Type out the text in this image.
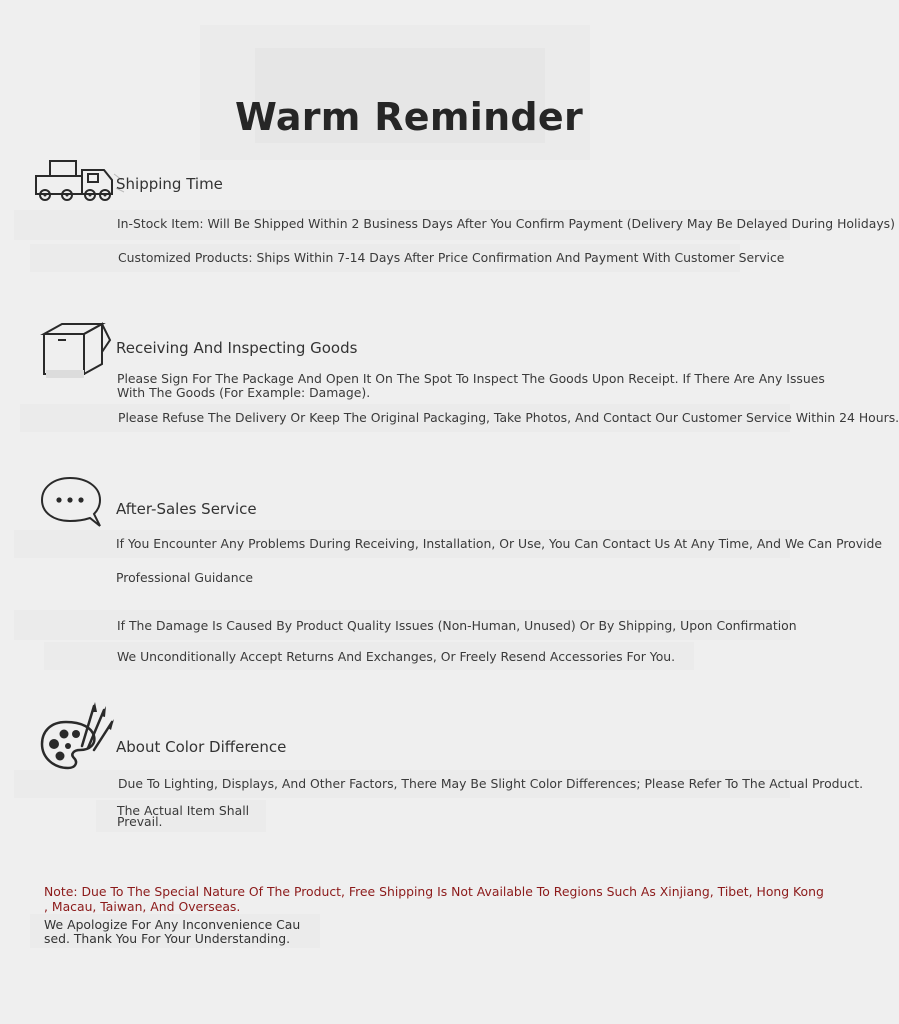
Warm Reminder
Shipping Time
In-Stock Item: Will Be Shipped Within 2 Business Days After You Confirm Payment (Delivery May Be Delayed During Holidays)
Customized Products: Ships Within 7-14 Days After Price Confirmation And Payment With Customer Service
Receiving And Inspecting Goods
Please Sign For The Package And Open It On The Spot To Inspect The Goods Upon Receipt. If There Are Any Issues
With The Goods (For Example: Damage).
Please Refuse The Delivery Or Keep The Original Packaging, Take Photos, And Contact Our Customer Service Within 24 Hours.
After-Sales Service
If You Encounter Any Problems During Receiving, Installation, Or Use, You Can Contact Us At Any Time, And We Can Provide
Professional Guidance
If The Damage Is Caused By Product Quality Issues (Non-Human, Unused) Or By Shipping, Upon Confirmation
We Unconditionally Accept Returns And Exchanges, Or Freely Resend Accessories For You.
About Color Difference
Due To Lighting, Displays, And Other Factors, There May Be Slight Color Differences; Please Refer To The Actual Product.
The Actual Item Shall
Prevail.
Note: Due To The Special Nature Of The Product, Free Shipping Is Not Available To Regions Such As Xinjiang, Tibet, Hong Kong
, Macau, Taiwan, And Overseas.
We Apologize For Any Inconvenience Cau
sed. Thank You For Your Understanding.
